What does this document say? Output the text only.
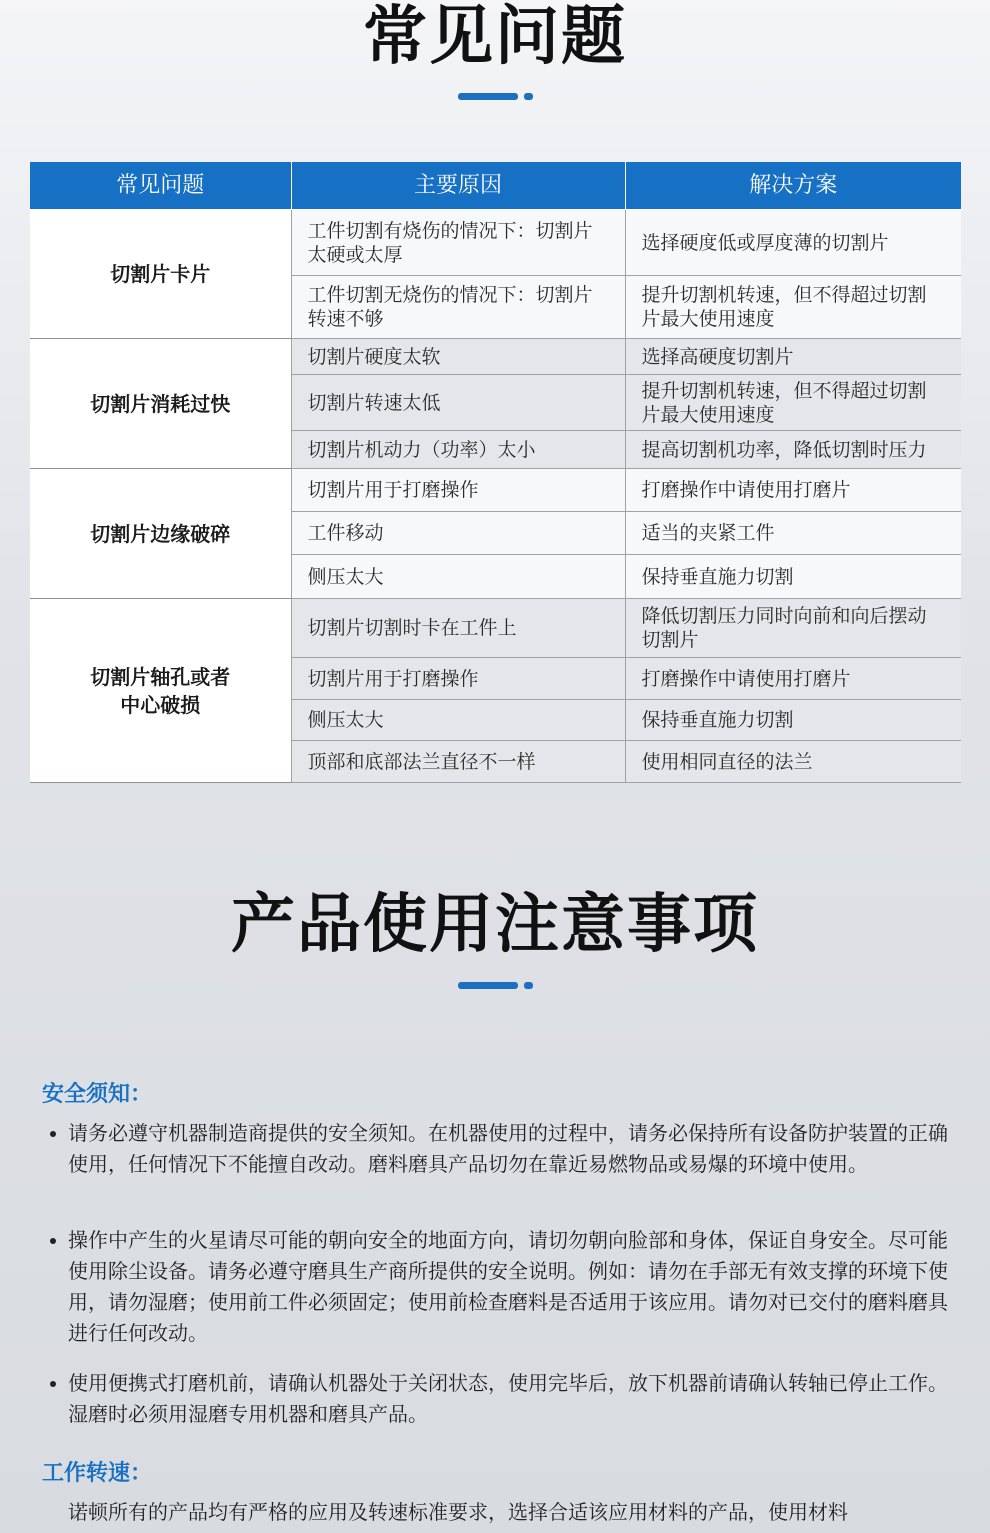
常见问题
常见问题	主要原因	解决方案
切割片卡片	工件切割有烧伤的情况下：切割片太硬或太厚	选择硬度低或厚度薄的切割片
	工件切割无烧伤的情况下：切割片转速不够	提升切割机转速，但不得超过切割片最大使用速度
切割片消耗过快	切割片硬度太软	选择高硬度切割片
	切割片转速太低	提升切割机转速，但不得超过切割片最大使用速度
	切割片机动力（功率）太小	提高切割机功率，降低切割时压力
切割片边缘破碎	切割片用于打磨操作	打磨操作中请使用打磨片
	工件移动	适当的夹紧工件
	侧压太大	保持垂直施力切割
切割片轴孔或者中心破损	切割片切割时卡在工件上	降低切割压力同时向前和向后摆动切割片
	切割片用于打磨操作	打磨操作中请使用打磨片
	侧压太大	保持垂直施力切割
	顶部和底部法兰直径不一样	使用相同直径的法兰
产品使用注意事项
安全须知：
请务必遵守机器制造商提供的安全须知。在机器使用的过程中，请务必保持所有设备防护装置的正确使用，任何情况下不能擅自改动。磨料磨具产品切勿在靠近易燃物品或易爆的环境中使用。
操作中产生的火星请尽可能的朝向安全的地面方向，请切勿朝向脸部和身体，保证自身安全。尽可能使用除尘设备。请务必遵守磨具生产商所提供的安全说明。例如：请勿在手部无有效支撑的环境下使用，请勿湿磨；使用前工件必须固定；使用前检查磨料是否适用于该应用。请勿对已交付的磨料磨具进行任何改动。
使用便携式打磨机前，请确认机器处于关闭状态，使用完毕后，放下机器前请确认转轴已停止工作。湿磨时必须用湿磨专用机器和磨具产品。
工作转速：
诺顿所有的产品均有严格的应用及转速标准要求，选择合适该应用材料的产品，使用材料
